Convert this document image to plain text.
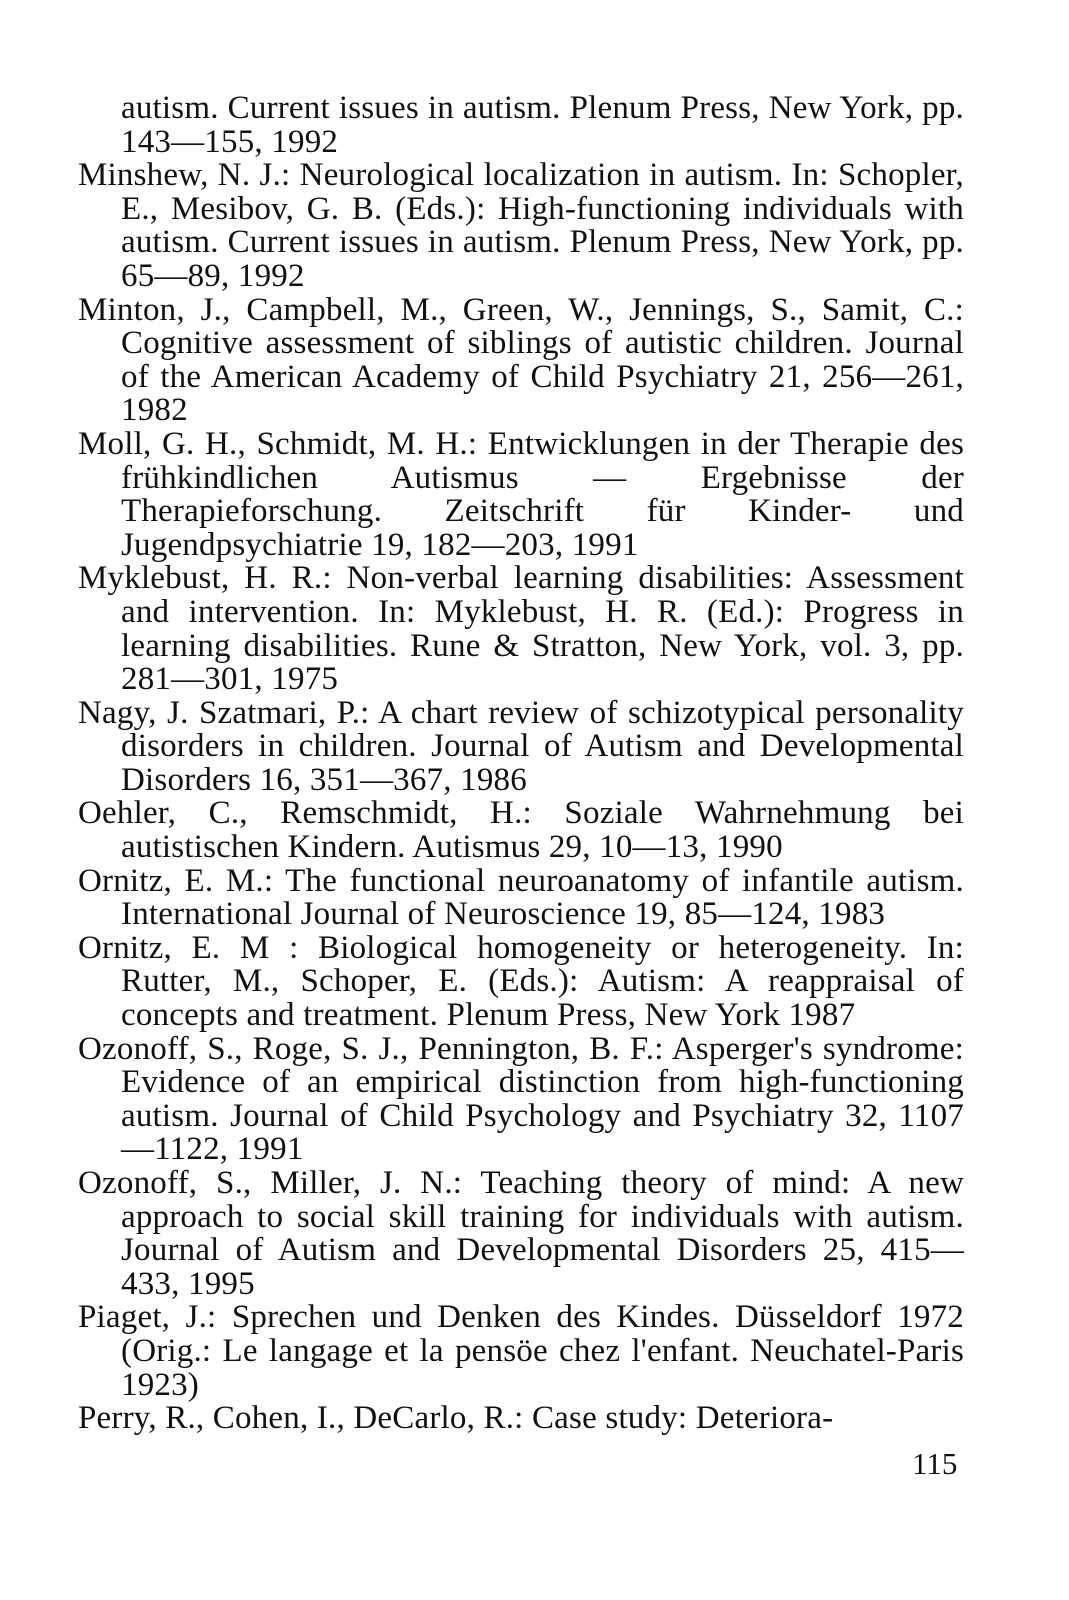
autism. Current issues in autism. Plenum Press, New York, pp. 143—155, 1992

Minshew, N. J.: Neurological localization in autism. In: Schopler, E., Mesibov, G. B. (Eds.): High-functioning individuals with autism. Current issues in autism. Plenum Press, New York, pp. 65—89, 1992

Minton, J., Campbell, M., Green, W., Jennings, S., Samit, C.: Cognitive assessment of siblings of autistic children. Journal of the American Academy of Child Psychiatry 21, 256—261, 1982

Moll, G. H., Schmidt, M. H.: Entwicklungen in der Therapie des frühkindlichen Autismus — Ergebnisse der Therapieforschung. Zeitschrift für Kinder- und Jugendpsychiatrie 19, 182—203, 1991

Myklebust, H. R.: Non-verbal learning disabilities: Assessment and intervention. In: Myklebust, H. R. (Ed.): Progress in learning disabilities. Rune & Stratton, New York, vol. 3, pp. 281—301, 1975

Nagy, J. Szatmari, P.: A chart review of schizotypical personality disorders in children. Journal of Autism and Developmental Disorders 16, 351—367, 1986

Oehler, C., Remschmidt, H.: Soziale Wahrnehmung bei autistischen Kindern. Autismus 29, 10—13, 1990

Ornitz, E. M.: The functional neuroanatomy of infantile autism. International Journal of Neuroscience 19, 85—124, 1983

Ornitz, E. M : Biological homogeneity or heterogeneity. In: Rutter, M., Schoper, E. (Eds.): Autism: A reappraisal of concepts and treatment. Plenum Press, New York 1987

Ozonoff, S., Roge, S. J., Pennington, B. F.: Asperger's syndrome: Evidence of an empirical distinction from high-functioning autism. Journal of Child Psychology and Psychiatry 32, 1107—1122, 1991

Ozonoff, S., Miller, J. N.: Teaching theory of mind: A new approach to social skill training for individuals with autism. Journal of Autism and Developmental Disorders 25, 415—433, 1995

Piaget, J.: Sprechen und Denken des Kindes. Düsseldorf 1972 (Orig.: Le langage et la pensöe chez l'enfant. Neuchatel-Paris 1923)

Perry, R., Cohen, I., DeCarlo, R.: Case study: Deteriora-

115
